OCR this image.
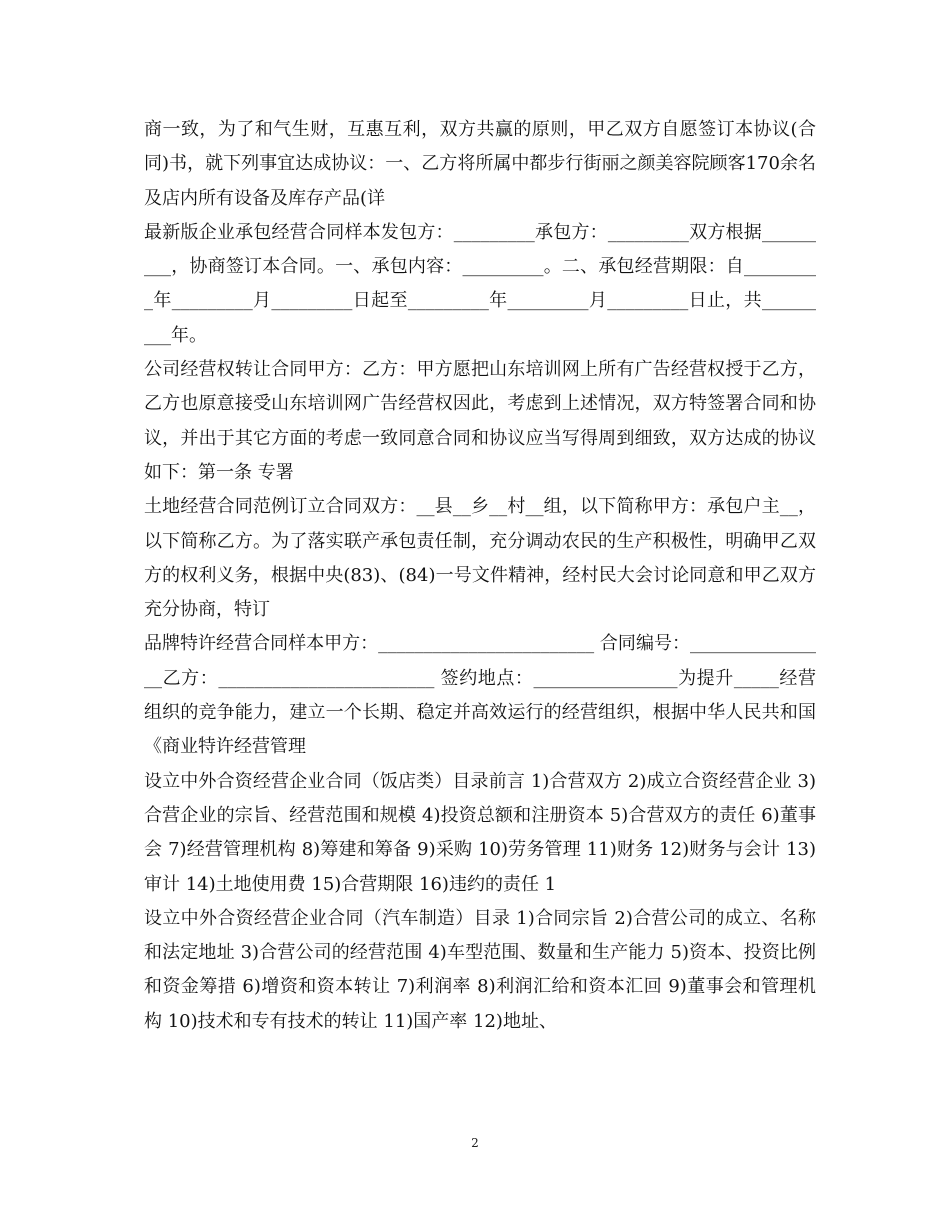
商一致，为了和气生财，互惠互利，双方共赢的原则，甲乙双方自愿签订本协议(合同)书，就下列事宜达成协议：一、乙方将所属中都步行街丽之颜美容院顾客170余名及店内所有设备及库存产品(详

最新版企业承包经营合同样本发包方：_________承包方：_________双方根据_________，协商签订本合同。一、承包内容：_________。二、承包经营期限：自_________年_________月_________日起至_________年_________月_________日止，共_________年。

公司经营权转让合同甲方：乙方：甲方愿把山东培训网上所有广告经营权授于乙方，乙方也原意接受山东培训网广告经营权因此，考虑到上述情况，双方特签署合同和协议，并出于其它方面的考虑一致同意合同和协议应当写得周到细致，双方达成的协议如下：第一条 专署

土地经营合同范例订立合同双方：__县__乡__村__组，以下简称甲方：承包户主__，以下简称乙方。为了落实联产承包责任制，充分调动农民的生产积极性，明确甲乙双方的权利义务，根据中央(83)、(84)一号文件精神，经村民大会讨论同意和甲乙双方充分协商，特订

品牌特许经营合同样本甲方：________________________ 合同编号：________________乙方：________________________ 签约地点：________________为提升_____经营组织的竞争能力，建立一个长期、稳定并高效运行的经营组织，根据中华人民共和国《商业特许经营管理

设立中外合资经营企业合同（饭店类）目录前言 1)合营双方 2)成立合资经营企业 3)合营企业的宗旨、经营范围和规模 4)投资总额和注册资本 5)合营双方的责任 6)董事会 7)经营管理机构 8)筹建和筹备 9)采购 10)劳务管理 11)财务 12)财务与会计 13)审计 14)土地使用费 15)合营期限 16)违约的责任 1

设立中外合资经营企业合同（汽车制造）目录 1)合同宗旨 2)合营公司的成立、名称和法定地址 3)合营公司的经营范围 4)车型范围、数量和生产能力 5)资本、投资比例和资金筹措 6)增资和资本转让 7)利润率 8)利润汇给和资本汇回 9)董事会和管理机构 10)技术和专有技术的转让 11)国产率 12)地址、

2
